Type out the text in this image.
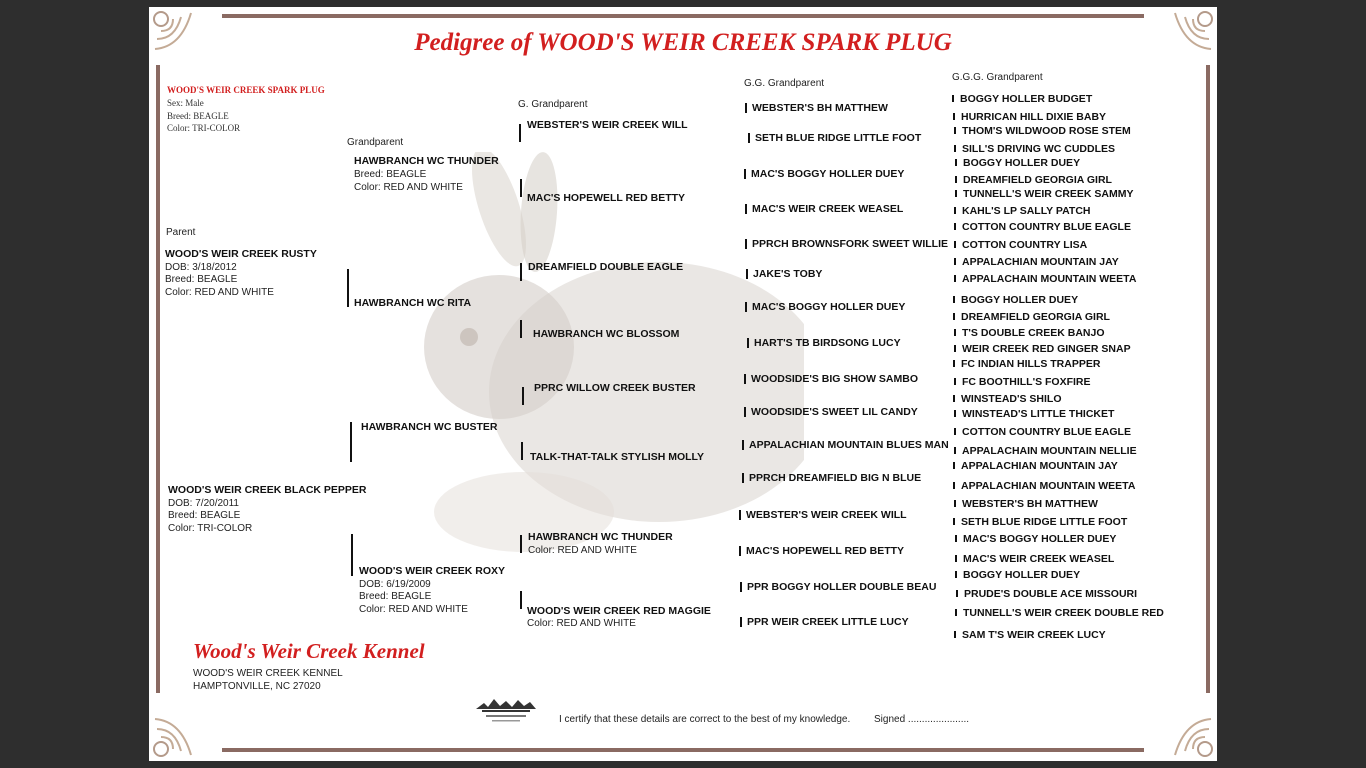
Pedigree of WOOD'S WEIR CREEK SPARK PLUG
WOOD'S WEIR CREEK SPARK PLUG
Sex: Male
Breed: BEAGLE
Color: TRI-COLOR
Parent
Grandparent
G. Grandparent
G.G. Grandparent
G.G.G. Grandparent
WOOD'S WEIR CREEK RUSTY
DOB: 3/18/2012
Breed: BEAGLE
Color: RED AND WHITE
WOOD'S WEIR CREEK BLACK PEPPER
DOB: 7/20/2011
Breed: BEAGLE
Color: TRI-COLOR
HAWBRANCH WC THUNDER
Breed: BEAGLE
Color: RED AND WHITE
HAWBRANCH WC RITA
HAWBRANCH WC BUSTER
WOOD'S WEIR CREEK ROXY
DOB: 6/19/2009
Breed: BEAGLE
Color: RED AND WHITE
WEBSTER'S WEIR CREEK WILL
MAC'S HOPEWELL RED BETTY
DREAMFIELD DOUBLE EAGLE
HAWBRANCH WC BLOSSOM
PPRC WILLOW CREEK BUSTER
TALK-THAT-TALK STYLISH MOLLY
HAWBRANCH WC THUNDER
Color: RED AND WHITE
WOOD'S WEIR CREEK RED MAGGIE
Color: RED AND WHITE
WEBSTER'S BH MATTHEW
SETH BLUE RIDGE LITTLE FOOT
MAC'S BOGGY HOLLER DUEY
MAC'S WEIR CREEK WEASEL
PPRCH BROWNSFORK SWEET WILLIE
JAKE'S TOBY
MAC'S BOGGY HOLLER DUEY
HART'S TB BIRDSONG LUCY
WOODSIDE'S BIG SHOW SAMBO
WOODSIDE'S SWEET LIL CANDY
APPALACHIAN MOUNTAIN BLUES MAN
PPRCH DREAMFIELD BIG N BLUE
WEBSTER'S WEIR CREEK WILL
MAC'S HOPEWELL RED BETTY
PPR BOGGY HOLLER DOUBLE BEAU
PPR WEIR CREEK LITTLE LUCY
BOGGY HOLLER BUDGET
HURRICAN HILL DIXIE BABY
THOM'S WILDWOOD ROSE STEM
SILL'S DRIVING WC CUDDLES
BOGGY HOLLER DUEY
DREAMFIELD GEORGIA GIRL
TUNNELL'S WEIR CREEK SAMMY
KAHL'S LP SALLY PATCH
COTTON COUNTRY BLUE EAGLE
COTTON COUNTRY LISA
APPALACHIAN MOUNTAIN JAY
APPALACHAIN MOUNTAIN WEETA
BOGGY HOLLER DUEY
DREAMFIELD GEORGIA GIRL
T'S DOUBLE CREEK BANJO
WEIR CREEK RED GINGER SNAP
FC INDIAN HILLS TRAPPER
FC BOOTHILL'S FOXFIRE
WINSTEAD'S SHILO
WINSTEAD'S LITTLE THICKET
COTTON COUNTRY BLUE EAGLE
APPALACHAIN MOUNTAIN NELLIE
APPALACHIAN MOUNTAIN JAY
APPALACHIAN MOUNTAIN WEETA
WEBSTER'S BH MATTHEW
SETH BLUE RIDGE LITTLE FOOT
MAC'S BOGGY HOLLER DUEY
MAC'S WEIR CREEK WEASEL
BOGGY HOLLER DUEY
PRUDE'S DOUBLE ACE MISSOURI
TUNNELL'S WEIR CREEK DOUBLE RED
SAM T'S WEIR CREEK LUCY
Wood's Weir Creek Kennel
WOOD'S WEIR CREEK KENNEL
HAMPTONVILLE, NC 27020
I certify that these details are correct to the best of my knowledge. Signed ......................
